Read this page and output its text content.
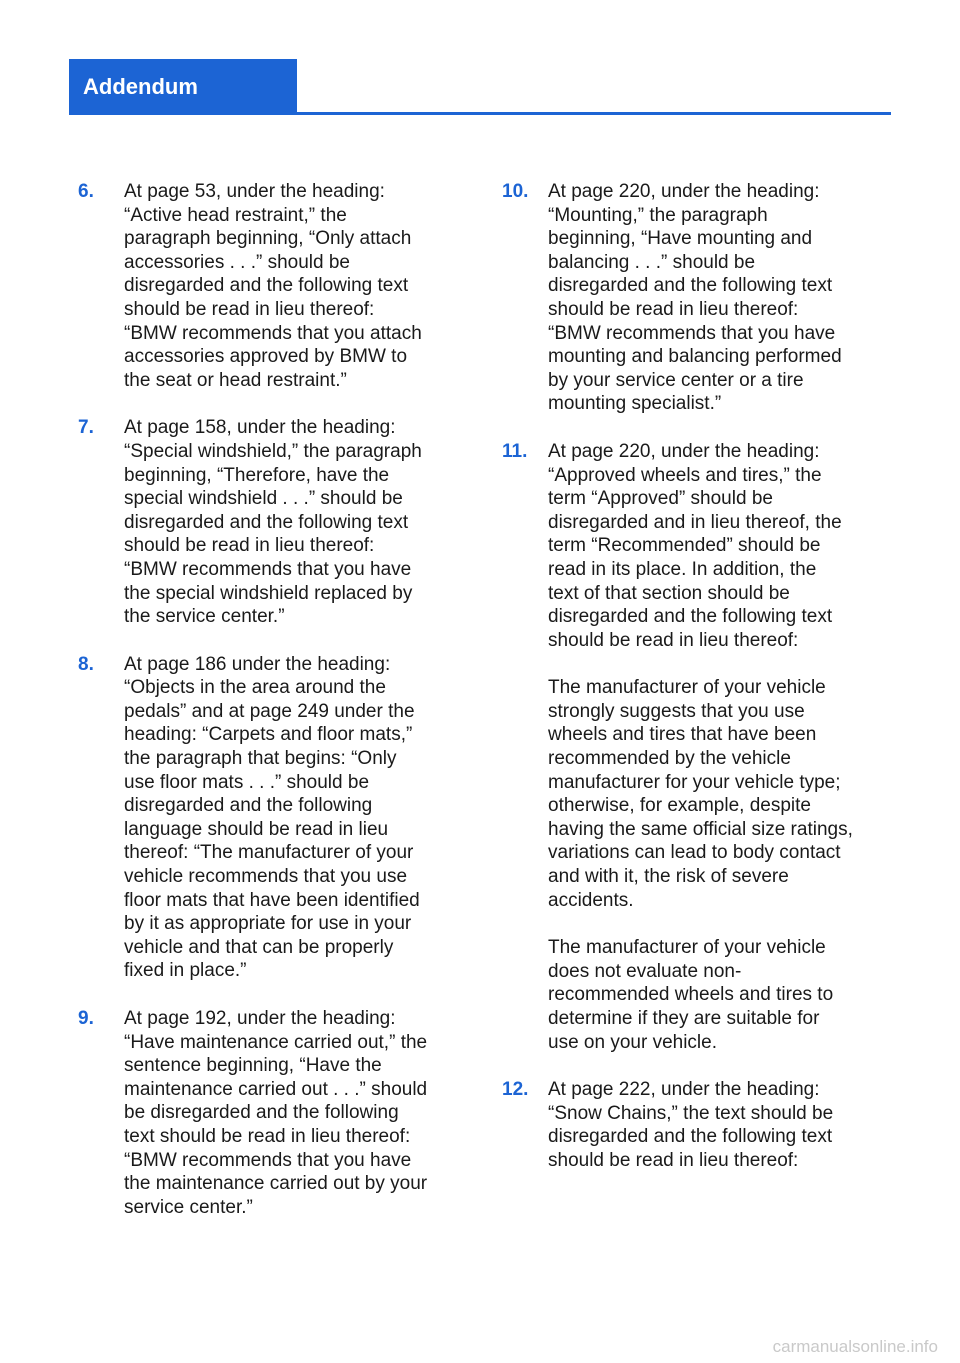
Addendum
6. At page 53, under the heading:
“Active head restraint,” the
paragraph beginning, “Only attach
accessories . . .” should be
disregarded and the following text
should be read in lieu thereof:
“BMW recommends that you attach
accessories approved by BMW to
the seat or head restraint.”

7. At page 158, under the heading:
“Special windshield,” the paragraph
beginning, “Therefore, have the
special windshield . . .” should be
disregarded and the following text
should be read in lieu thereof:
“BMW recommends that you have
the special windshield replaced by
the service center.”

8. At page 186 under the heading:
“Objects in the area around the
pedals” and at page 249 under the
heading: “Carpets and floor mats,”
the paragraph that begins: “Only
use floor mats . . .” should be
disregarded and the following
language should be read in lieu
thereof: “The manufacturer of your
vehicle recommends that you use
floor mats that have been identified
by it as appropriate for use in your
vehicle and that can be properly
fixed in place.”

9. At page 192, under the heading:
“Have maintenance carried out,” the
sentence beginning, “Have the
maintenance carried out . . .” should
be disregarded and the following
text should be read in lieu thereof:
“BMW recommends that you have
the maintenance carried out by your
service center.”

10. At page 220, under the heading:
“Mounting,” the paragraph
beginning, “Have mounting and
balancing . . .” should be
disregarded and the following text
should be read in lieu thereof:
“BMW recommends that you have
mounting and balancing performed
by your service center or a tire
mounting specialist.”

11. At page 220, under the heading:
“Approved wheels and tires,” the
term “Approved” should be
disregarded and in lieu thereof, the
term “Recommended” should be
read in its place. In addition, the
text of that section should be
disregarded and the following text
should be read in lieu thereof:

The manufacturer of your vehicle
strongly suggests that you use
wheels and tires that have been
recommended by the vehicle
manufacturer for your vehicle type;
otherwise, for example, despite
having the same official size ratings,
variations can lead to body contact
and with it, the risk of severe
accidents.

The manufacturer of your vehicle
does not evaluate non-
recommended wheels and tires to
determine if they are suitable for
use on your vehicle.

12. At page 222, under the heading:
“Snow Chains,” the text should be
disregarded and the following text
should be read in lieu thereof:

carmanualsonline.info
